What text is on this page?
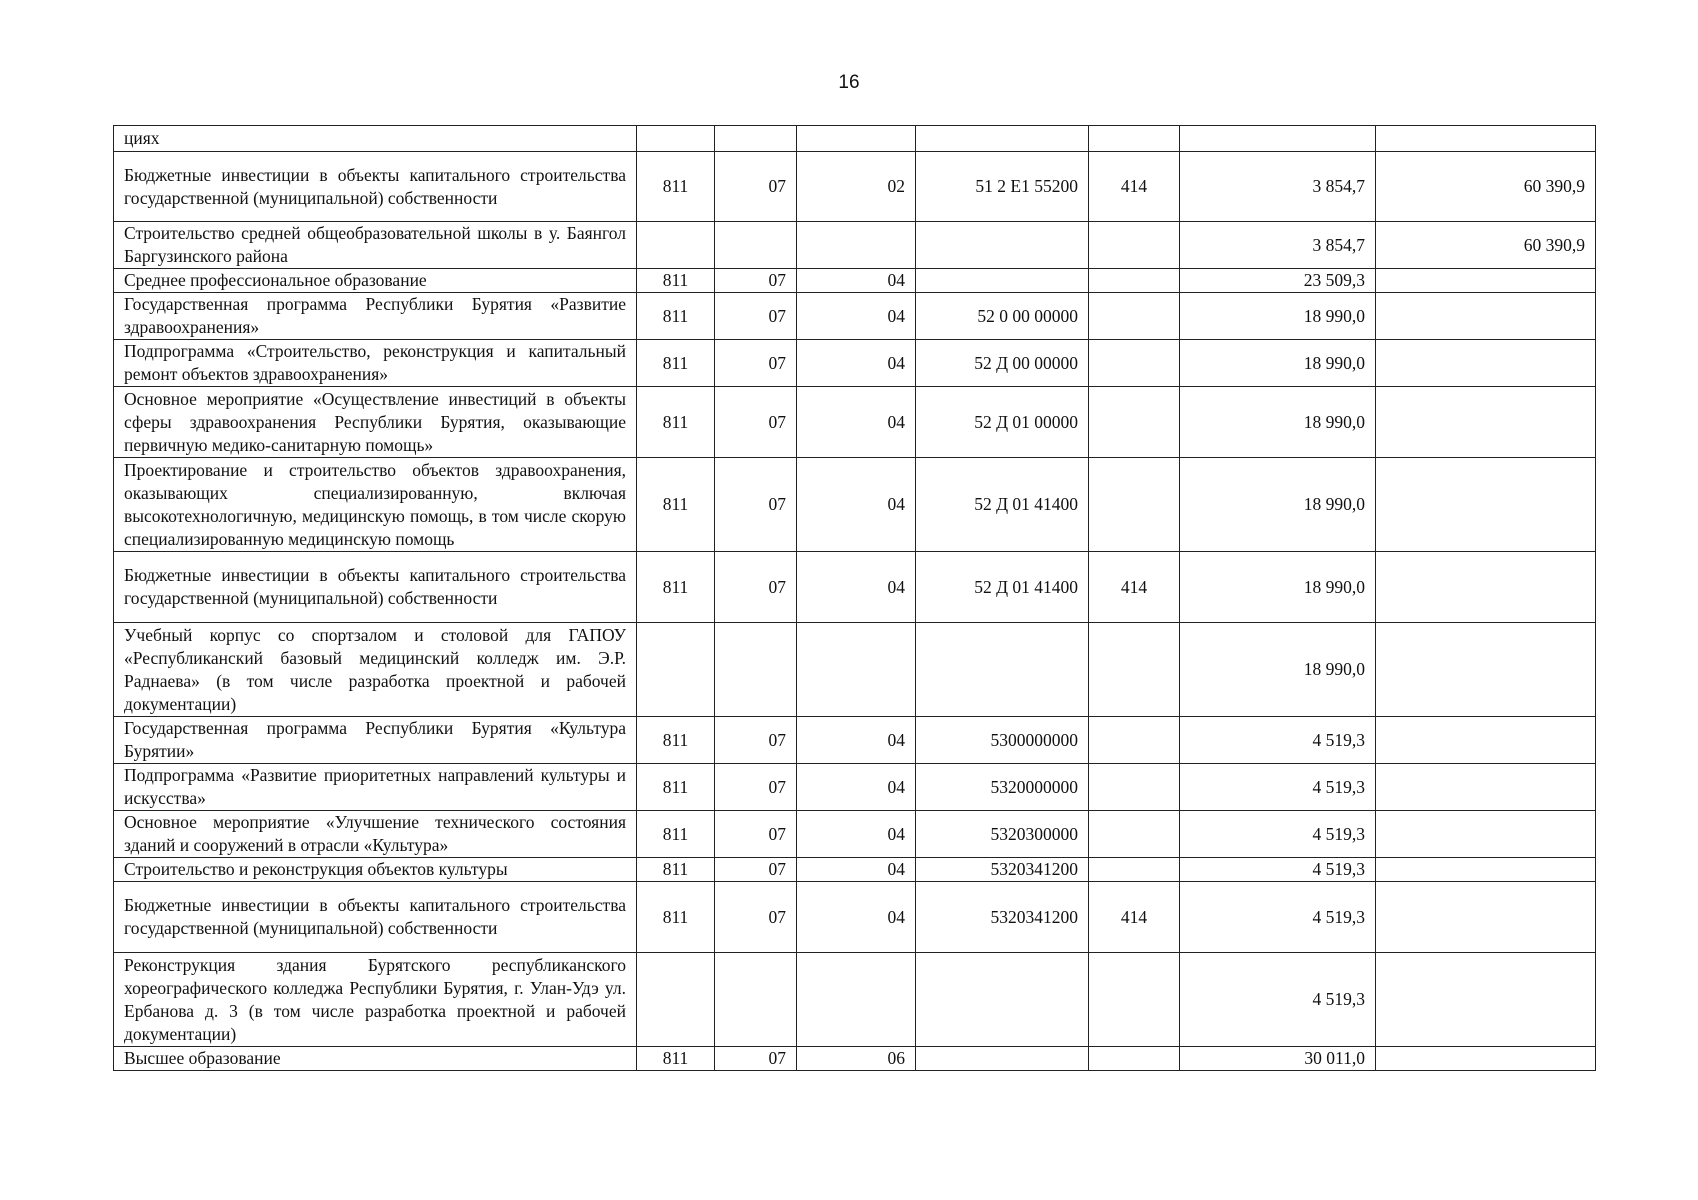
16
циях							
Бюджетные инвестиции в объекты капитального строительства государственной (муниципальной) собственности	811	07	02	51 2 Е1 55200	414	3 854,7	60 390,9
Строительство средней общеобразовательной школы в у. Баянгол Баргузинского района						3 854,7	60 390,9
Среднее профессиональное образование	811	07	04			23 509,3	
Государственная программа Республики Бурятия «Развитие здравоохранения»	811	07	04	52 0 00 00000		18 990,0	
Подпрограмма «Строительство, реконструкция и капитальный ремонт объектов здравоохранения»	811	07	04	52 Д 00 00000		18 990,0	
Основное мероприятие «Осуществление инвестиций в объекты сферы здравоохранения Республики Бурятия, оказывающие первичную медико-санитарную помощь»	811	07	04	52 Д 01 00000		18 990,0	
Проектирование и строительство объектов здравоохранения, оказывающих специализированную, включая высокотехнологичную, медицинскую помощь, в том числе скорую специализированную медицинскую помощь	811	07	04	52 Д 01 41400		18 990,0	
Бюджетные инвестиции в объекты капитального строительства государственной (муниципальной) собственности	811	07	04	52 Д 01 41400	414	18 990,0	
Учебный корпус со спортзалом и столовой для ГАПОУ «Республиканский базовый медицинский колледж им. Э.Р. Раднаева» (в том числе разработка проектной и рабочей документации)						18 990,0	
Государственная программа Республики Бурятия «Культура Бурятии»	811	07	04	5300000000		4 519,3	
Подпрограмма «Развитие приоритетных направлений культуры и искусства»	811	07	04	5320000000		4 519,3	
Основное мероприятие «Улучшение технического состояния зданий и сооружений в отрасли «Культура»	811	07	04	5320300000		4 519,3	
Строительство и реконструкция объектов культуры	811	07	04	5320341200		4 519,3	
Бюджетные инвестиции в объекты капитального строительства государственной (муниципальной) собственности	811	07	04	5320341200	414	4 519,3	
Реконструкция здания Бурятского республиканского хореографического колледжа Республики Бурятия, г. Улан-Удэ ул. Ербанова д. 3 (в том числе разработка проектной и рабочей документации)						4 519,3	
Высшее образование	811	07	06			30 011,0	
